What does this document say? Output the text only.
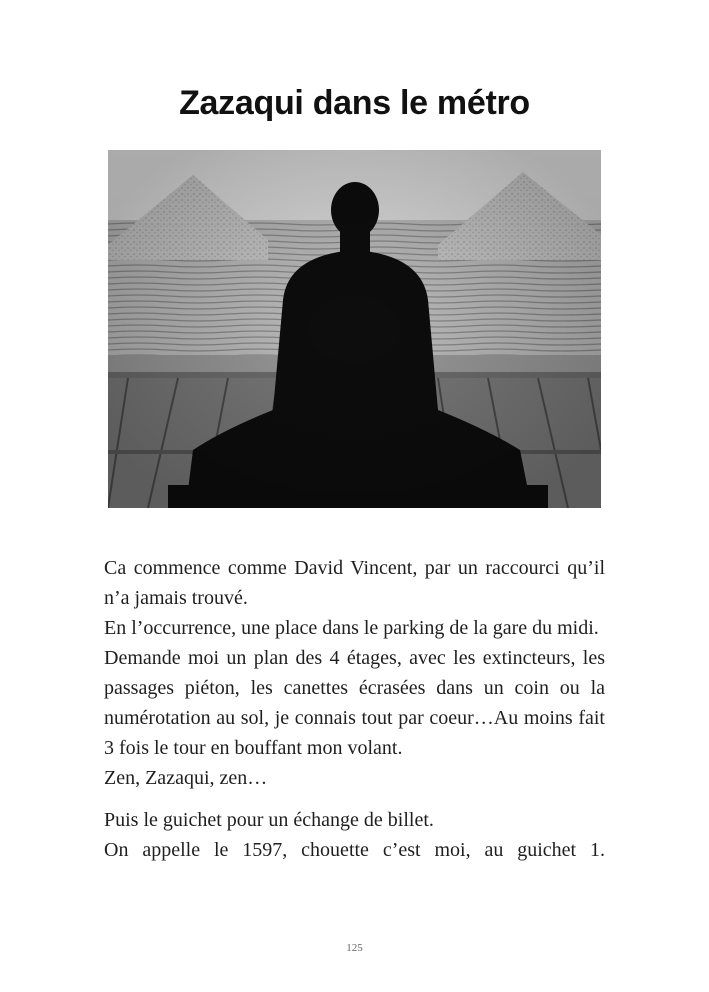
Zazaqui dans le métro

Ca commence comme David Vincent, par un raccourci qu’il n’a jamais trouvé.

En l’occurrence, une place dans le parking de la gare du midi.

Demande moi un plan des 4 étages, avec les extincteurs, les passages piéton, les canettes écrasées dans un coin ou la numérotation au sol, je connais tout par coeur…Au moins fait 3 fois le tour en bouffant mon volant.

Zen, Zazaqui, zen…

Puis le guichet pour un échange de billet.

On appelle le 1597, chouette c’est moi, au guichet 1.

125
